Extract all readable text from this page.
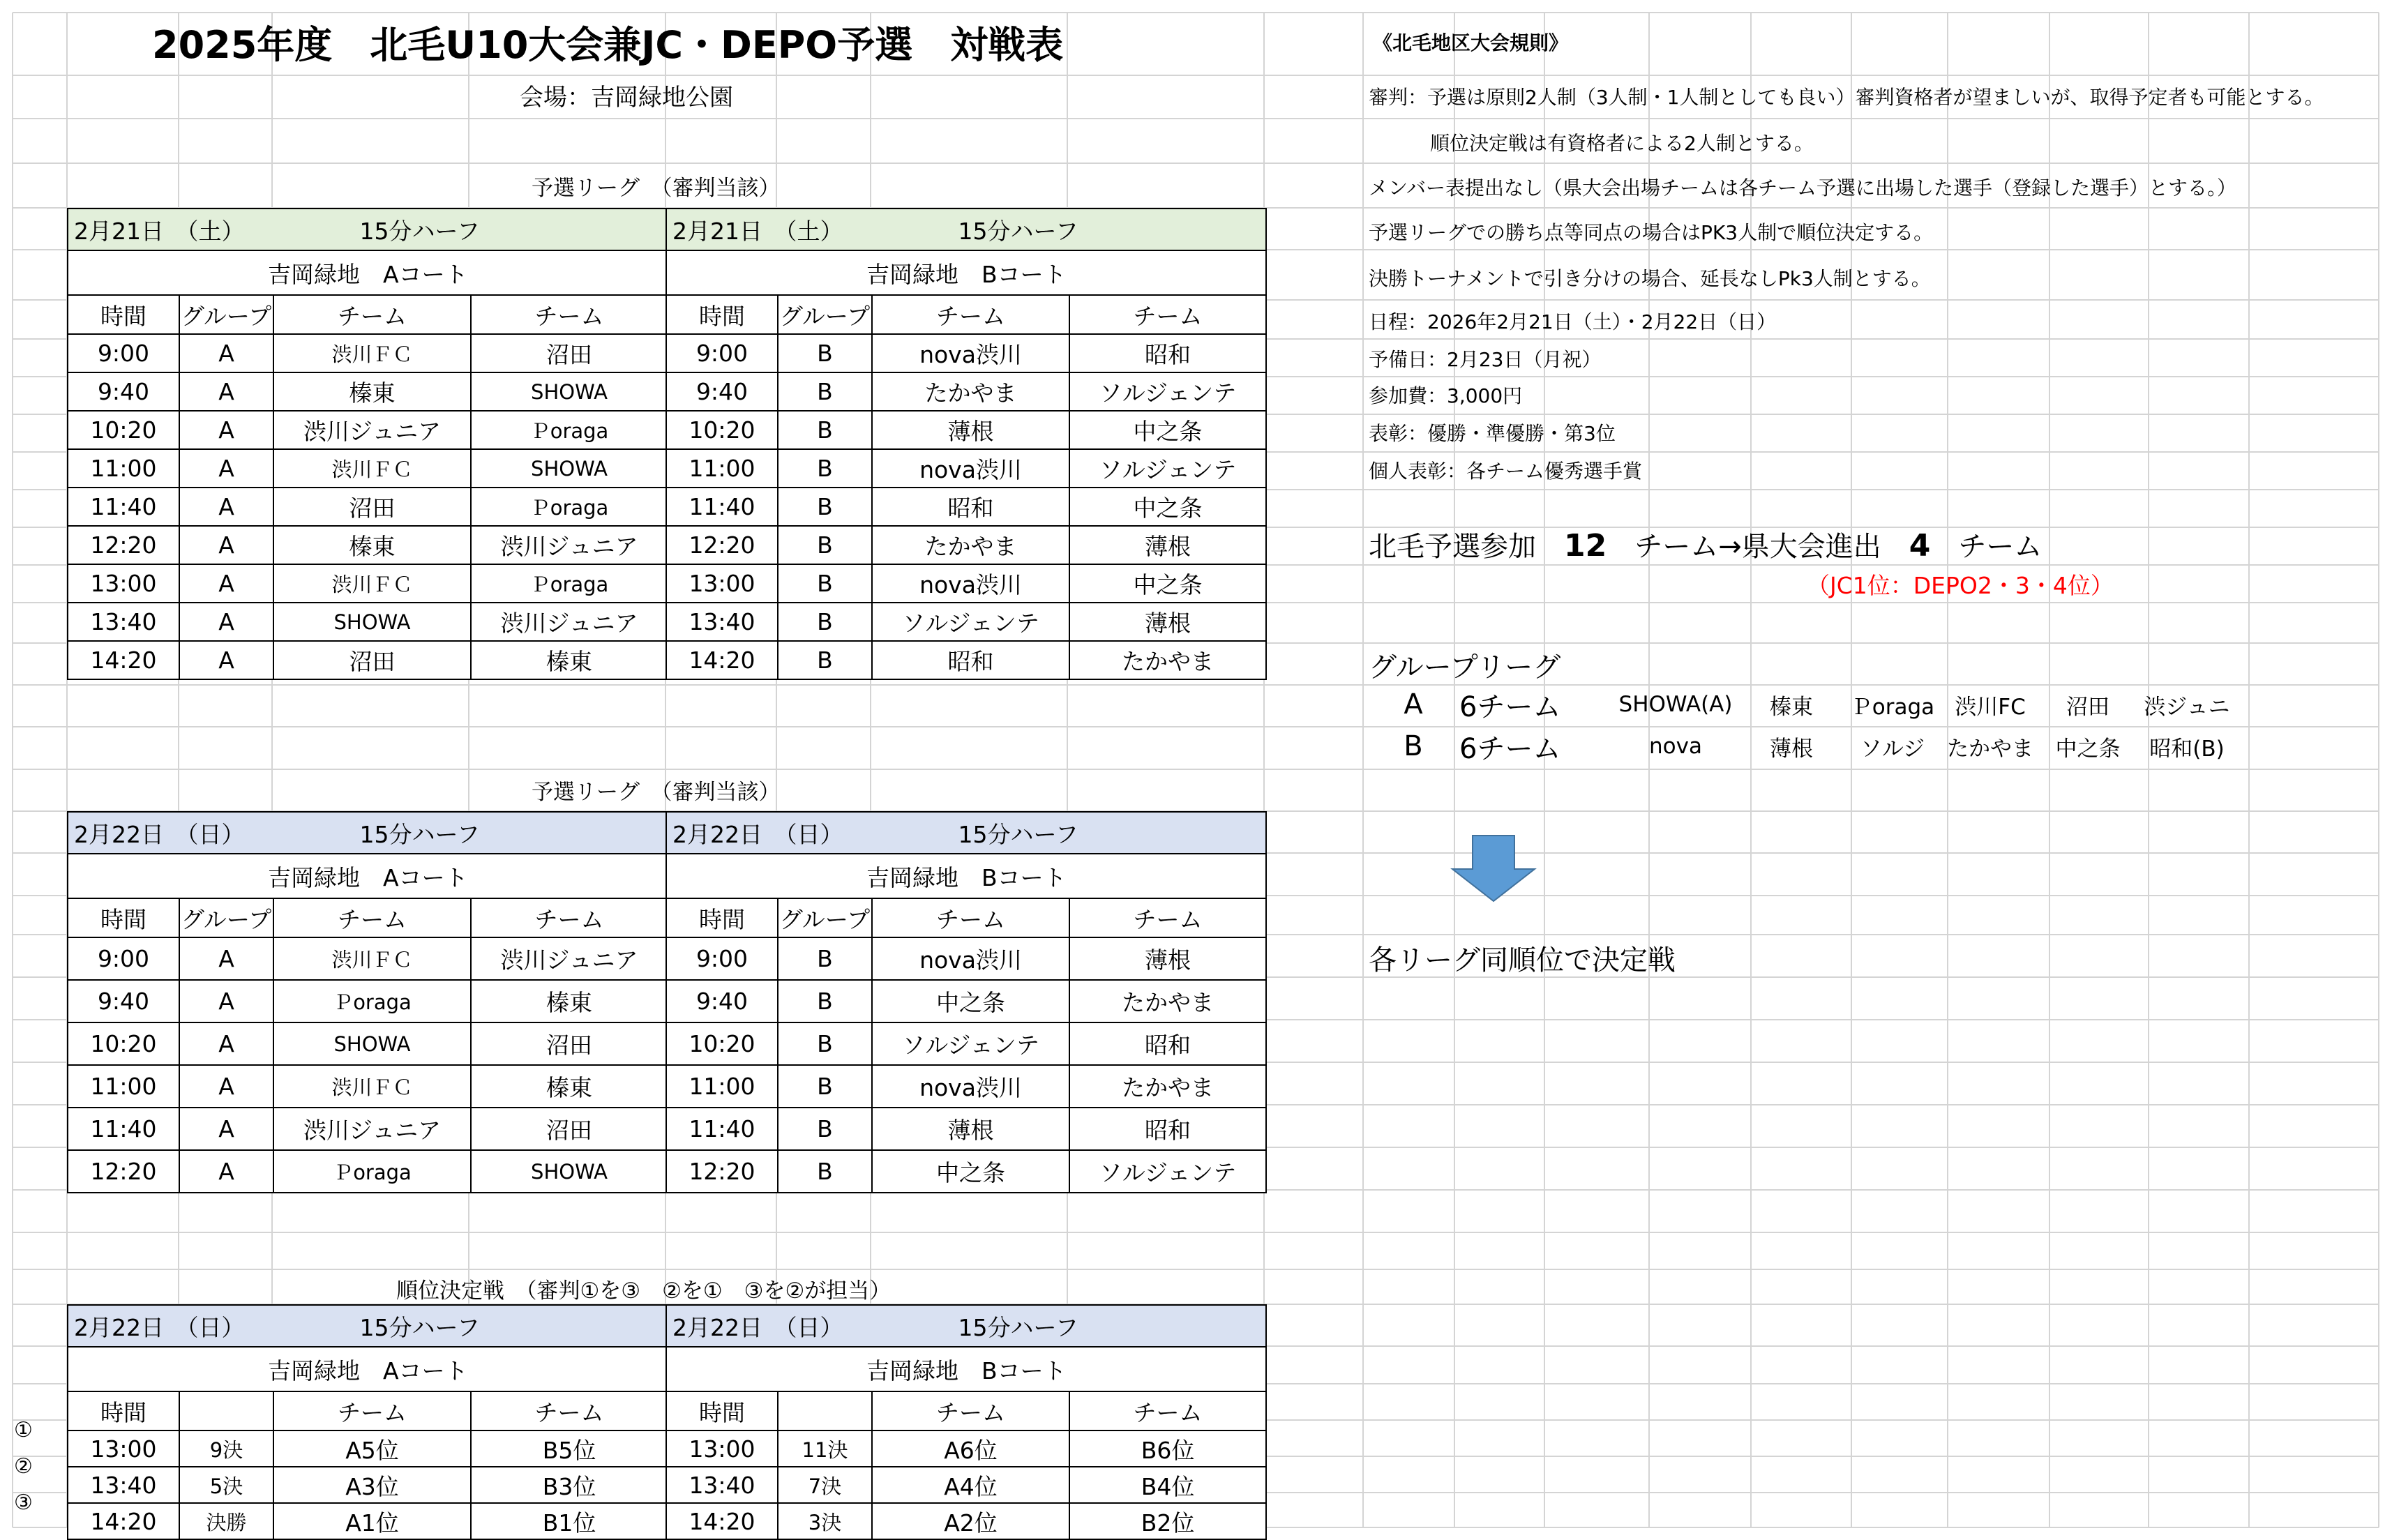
2025年度　北毛U10大会兼JC・DEPO予選　対戦表
会場：吉岡緑地公園
予選リーグ　（審判当該）
2月21日　（土） 15分ハーフ			
吉岡緑地　Aコート			
時間	グループ	チーム	チーム
9:00	A	渋川ＦＣ	沼田
9:40	A	榛東	SHOWA
10:20	A	渋川ジュニア	Ｐoraga
11:00	A	渋川ＦＣ	SHOWA
11:40	A	沼田	Ｐoraga
12:20	A	榛東	渋川ジュニア
13:00	A	渋川ＦＣ	Ｐoraga
13:40	A	SHOWA	渋川ジュニア
14:20	A	沼田	榛東
2月21日　（土） 15分ハーフ			
吉岡緑地　Bコート			
時間	グループ	チーム	チーム
9:00	B	nova渋川	昭和
9:40	B	たかやま	ソルジェンテ
10:20	B	薄根	中之条
11:00	B	nova渋川	ソルジェンテ
11:40	B	昭和	中之条
12:20	B	たかやま	薄根
13:00	B	nova渋川	中之条
13:40	B	ソルジェンテ	薄根
14:20	B	昭和	たかやま
予選リーグ　（審判当該）
2月22日　（日） 15分ハーフ			
吉岡緑地　Aコート			
時間	グループ	チーム	チーム
9:00	A	渋川ＦＣ	渋川ジュニア
9:40	A	Ｐoraga	榛東
10:20	A	SHOWA	沼田
11:00	A	渋川ＦＣ	榛東
11:40	A	渋川ジュニア	沼田
12:20	A	Ｐoraga	SHOWA
2月22日　（日） 15分ハーフ			
吉岡緑地　Bコート			
時間	グループ	チーム	チーム
9:00	B	nova渋川	薄根
9:40	B	中之条	たかやま
10:20	B	ソルジェンテ	昭和
11:00	B	nova渋川	たかやま
11:40	B	薄根	昭和
12:20	B	中之条	ソルジェンテ
順位決定戦　（審判①を③　②を①　③を②が担当）
2月22日　（日） 15分ハーフ			
吉岡緑地　Aコート			
時間		チーム	チーム
13:00	9決	A5位	B5位
13:40	5決	A3位	B3位
14:20	決勝	A1位	B1位
2月22日　（日） 15分ハーフ			
吉岡緑地　Bコート			
時間		チーム	チーム
13:00	11決	A6位	B6位
13:40	7決	A4位	B4位
14:20	3決	A2位	B2位
①
②
③
《北毛地区大会規則》
審判：予選は原則2人制（3人制・1人制としても良い）審判資格者が望ましいが、取得予定者も可能とする。
順位決定戦は有資格者による2人制とする。
メンバー表提出なし（県大会出場チームは各チーム予選に出場した選手（登録した選手）とする。）
予選リーグでの勝ち点等同点の場合はPK3人制で順位決定する。
決勝トーナメントで引き分けの場合、延長なしPk3人制とする。
日程：2026年2月21日（土）・2月22日（日）
予備日：2月23日（月祝）
参加費：3,000円
表彰：優勝・準優勝・第3位
個人表彰：各チーム優秀選手賞
北毛予選参加 12 チーム→県大会進出 4 チーム
（JC1位：DEPO2・3・4位）
グループリーグ
A	6チーム	SHOWA(A)	榛東	Ｐoraga	渋川FC	沼田	渋ジュニ
B	6チーム	nova	薄根	ソルジ	たかやま	中之条	昭和(B)
各リーグ同順位で決定戦
